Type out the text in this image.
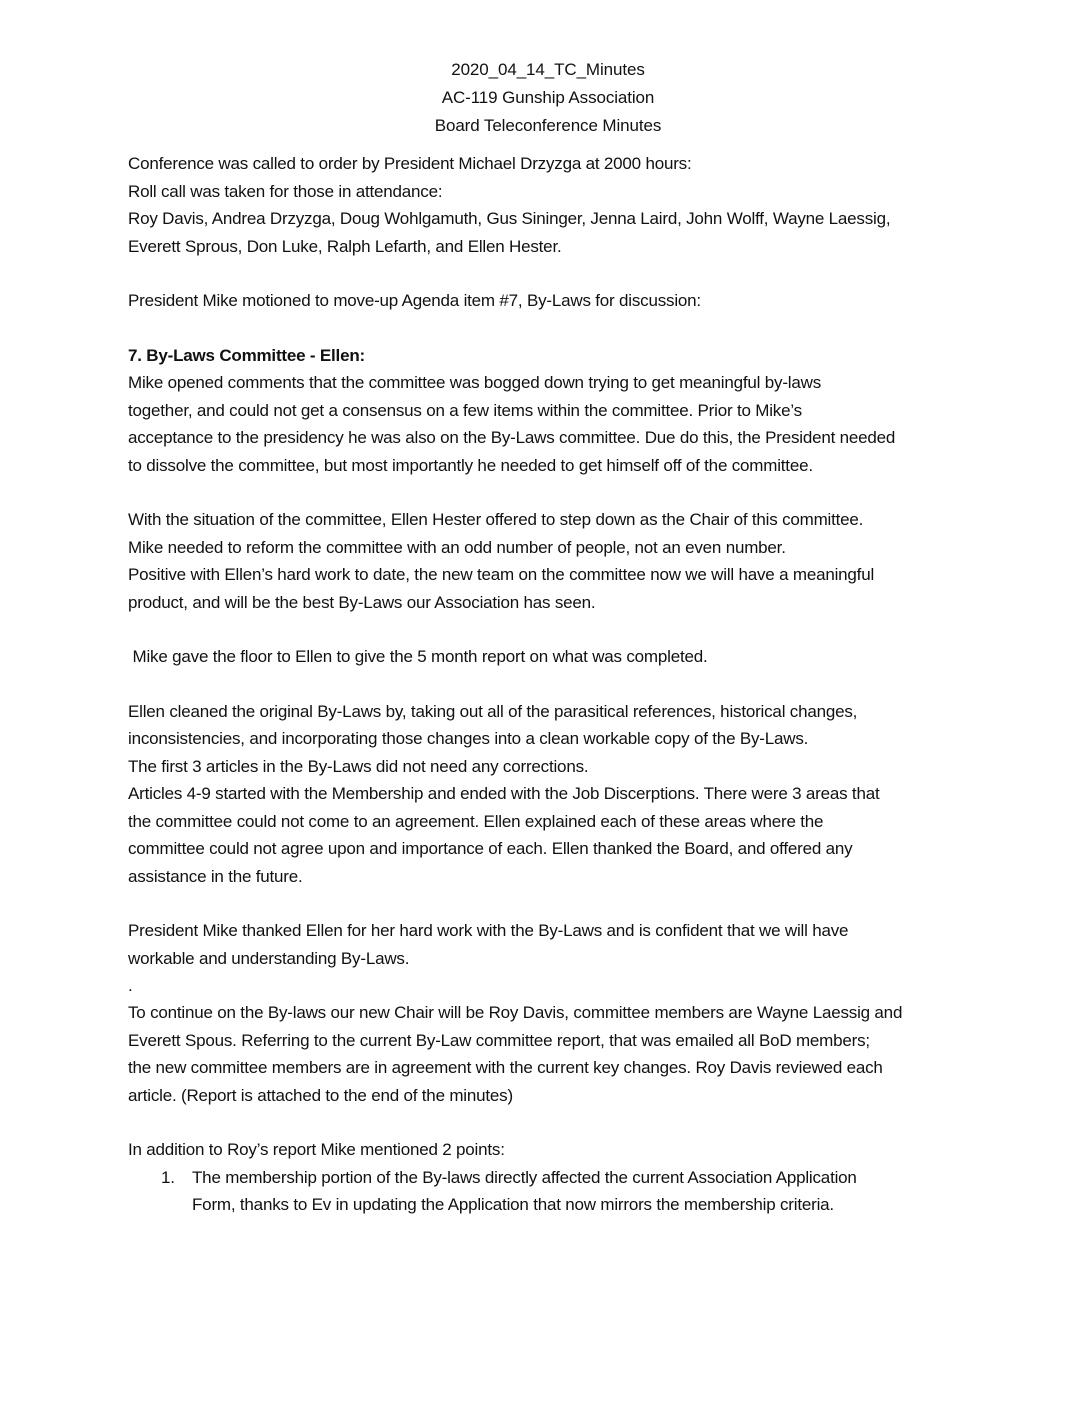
2020_04_14_TC_Minutes
AC-119 Gunship Association
Board Teleconference Minutes

Conference was called to order by President Michael Drzyzga at 2000 hours:
Roll call was taken for those in attendance:
Roy Davis, Andrea Drzyzga, Doug Wohlgamuth, Gus Sininger, Jenna Laird, John Wolff, Wayne Laessig,
Everett Sprous, Don Luke, Ralph Lefarth, and Ellen Hester.

President Mike motioned to move-up Agenda item #7, By-Laws for discussion:

7. By-Laws Committee - Ellen:
Mike opened comments that the committee was bogged down trying to get meaningful by-laws
together, and could not get a consensus on a few items within the committee. Prior to Mike’s
acceptance to the presidency he was also on the By-Laws committee. Due do this, the President needed
to dissolve the committee, but most importantly he needed to get himself off of the committee.

With the situation of the committee, Ellen Hester offered to step down as the Chair of this committee.
Mike needed to reform the committee with an odd number of people, not an even number.
Positive with Ellen’s hard work to date, the new team on the committee now we will have a meaningful
product, and will be the best By-Laws our Association has seen.

Mike gave the floor to Ellen to give the 5 month report on what was completed.

Ellen cleaned the original By-Laws by, taking out all of the parasitical references, historical changes,
inconsistencies, and incorporating those changes into a clean workable copy of the By-Laws.
The first 3 articles in the By-Laws did not need any corrections.
Articles 4-9 started with the Membership and ended with the Job Discerptions. There were 3 areas that
the committee could not come to an agreement. Ellen explained each of these areas where the
committee could not agree upon and importance of each. Ellen thanked the Board, and offered any
assistance in the future.

President Mike thanked Ellen for her hard work with the By-Laws and is confident that we will have
workable and understanding By-Laws.

.

To continue on the By-laws our new Chair will be Roy Davis, committee members are Wayne Laessig and
Everett Spous. Referring to the current By-Law committee report, that was emailed all BoD members;
the new committee members are in agreement with the current key changes. Roy Davis reviewed each
article. (Report is attached to the end of the minutes)

In addition to Roy’s report Mike mentioned 2 points:

1.	The membership portion of the By-laws directly affected the current Association Application
Form, thanks to Ev in updating the Application that now mirrors the membership criteria.
